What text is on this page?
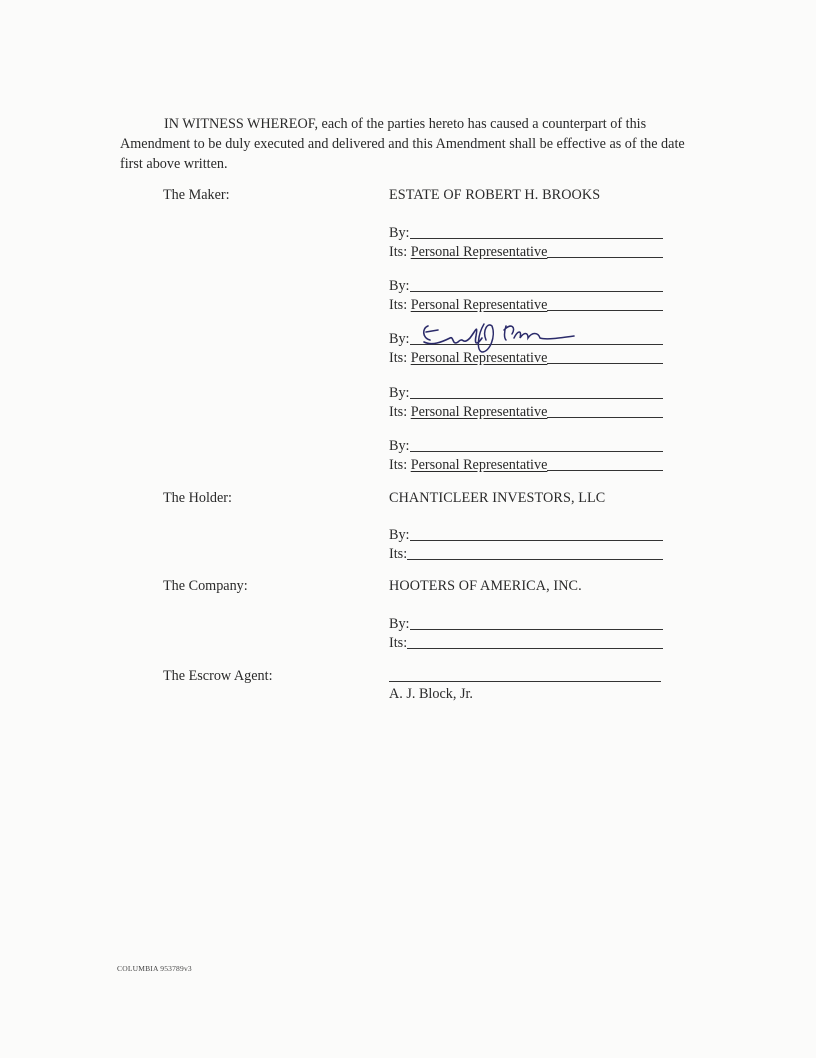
IN WITNESS WHEREOF, each of the parties hereto has caused a counterpart of this Amendment to be duly executed and delivered and this Amendment shall be effective as of the date first above written.
The Maker:	ESTATE OF ROBERT H. BROOKS
By:
Its:
Personal Representative
By:
Its:
Personal Representative
By:
Its:
Personal Representative
By:
Its:
Personal Representative
By:
Its:
Personal Representative
The Holder:	CHANTICLEER INVESTORS, LLC
By:
Its:
The Company:	HOOTERS OF AMERICA, INC.
By:
Its:
The Escrow Agent:
A. J. Block, Jr.
COLUMBIA 953789v3
